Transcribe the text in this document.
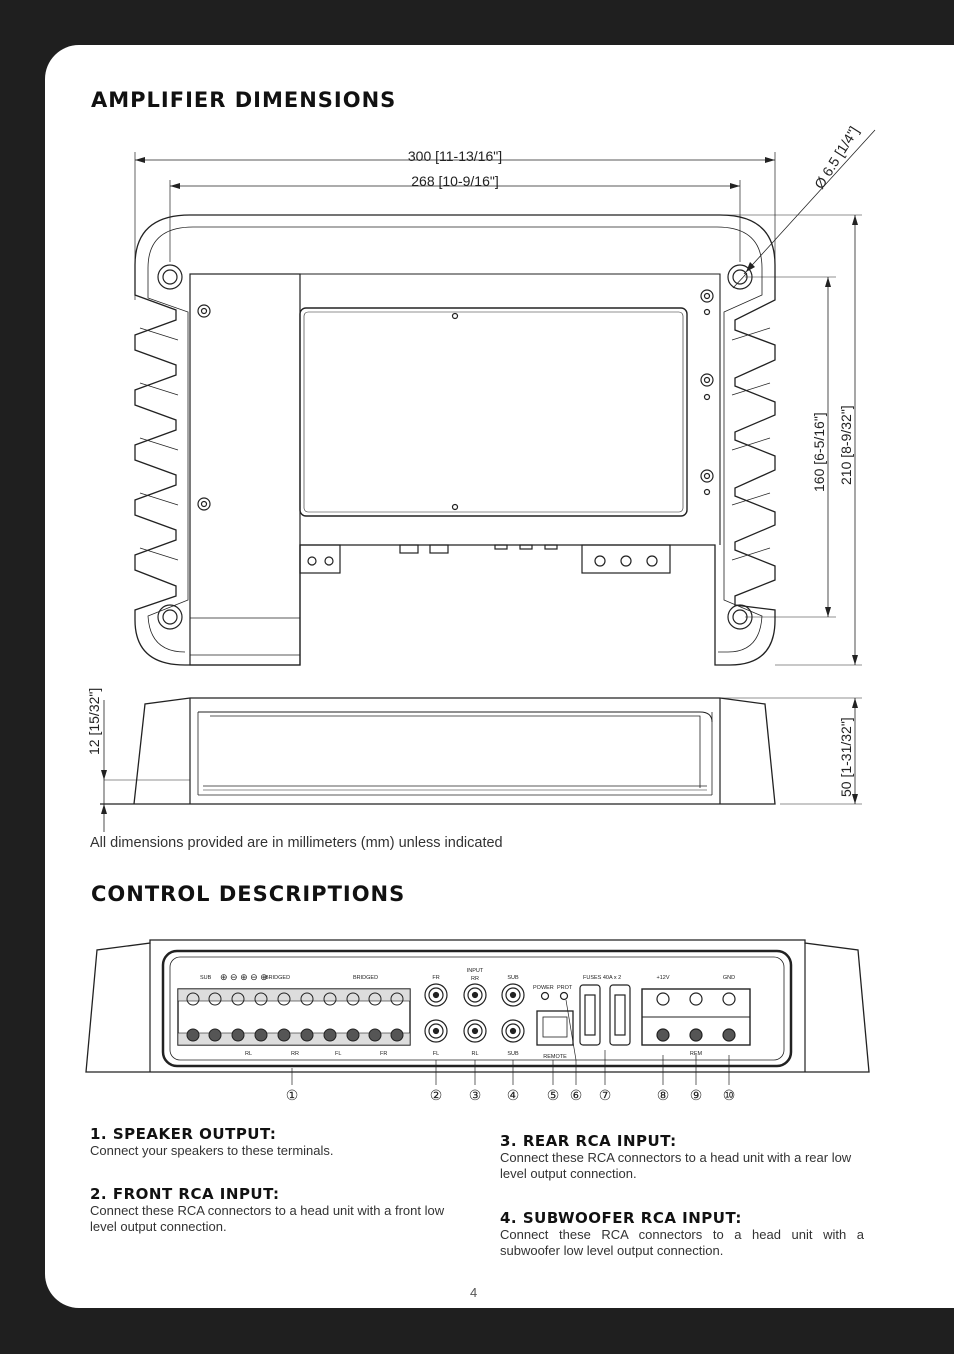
AMPLIFIER DIMENSIONS
300 [11-13/16"]
268 [10-9/16"]	Ø 6.5 [1/4"]
160 [6-5/16"] 210 [8-9/32"]
12 [15/32"]	50 [1-31/32"]
SUB	BRIDGED	BRIDGED	FR
INPUT
RR	SUB
POWER PROT
FUSES 40A x 2	+12V	GND
RL	RR	FL	FR	FL	RL	SUB	REMOTE	REM
⊕ ⊖ ⊕ ⊖ ⊕
①	② ③ ④ ⑤ ⑥ ⑦	⑧ ⑨ ⑩
All dimensions provided are in millimeters (mm) unless indicated
CONTROL DESCRIPTIONS
1. SPEAKER OUTPUT:

Connect your speakers to these terminals.

2. FRONT RCA INPUT:

Connect these RCA connectors to a head unit with a front low level output connection.

3. REAR RCA INPUT:

Connect these RCA connectors to a head unit with a rear low level output connection.

4. SUBWOOFER RCA INPUT:

Connect these RCA connectors to a head unit with a subwoofer low level output connection.

4
